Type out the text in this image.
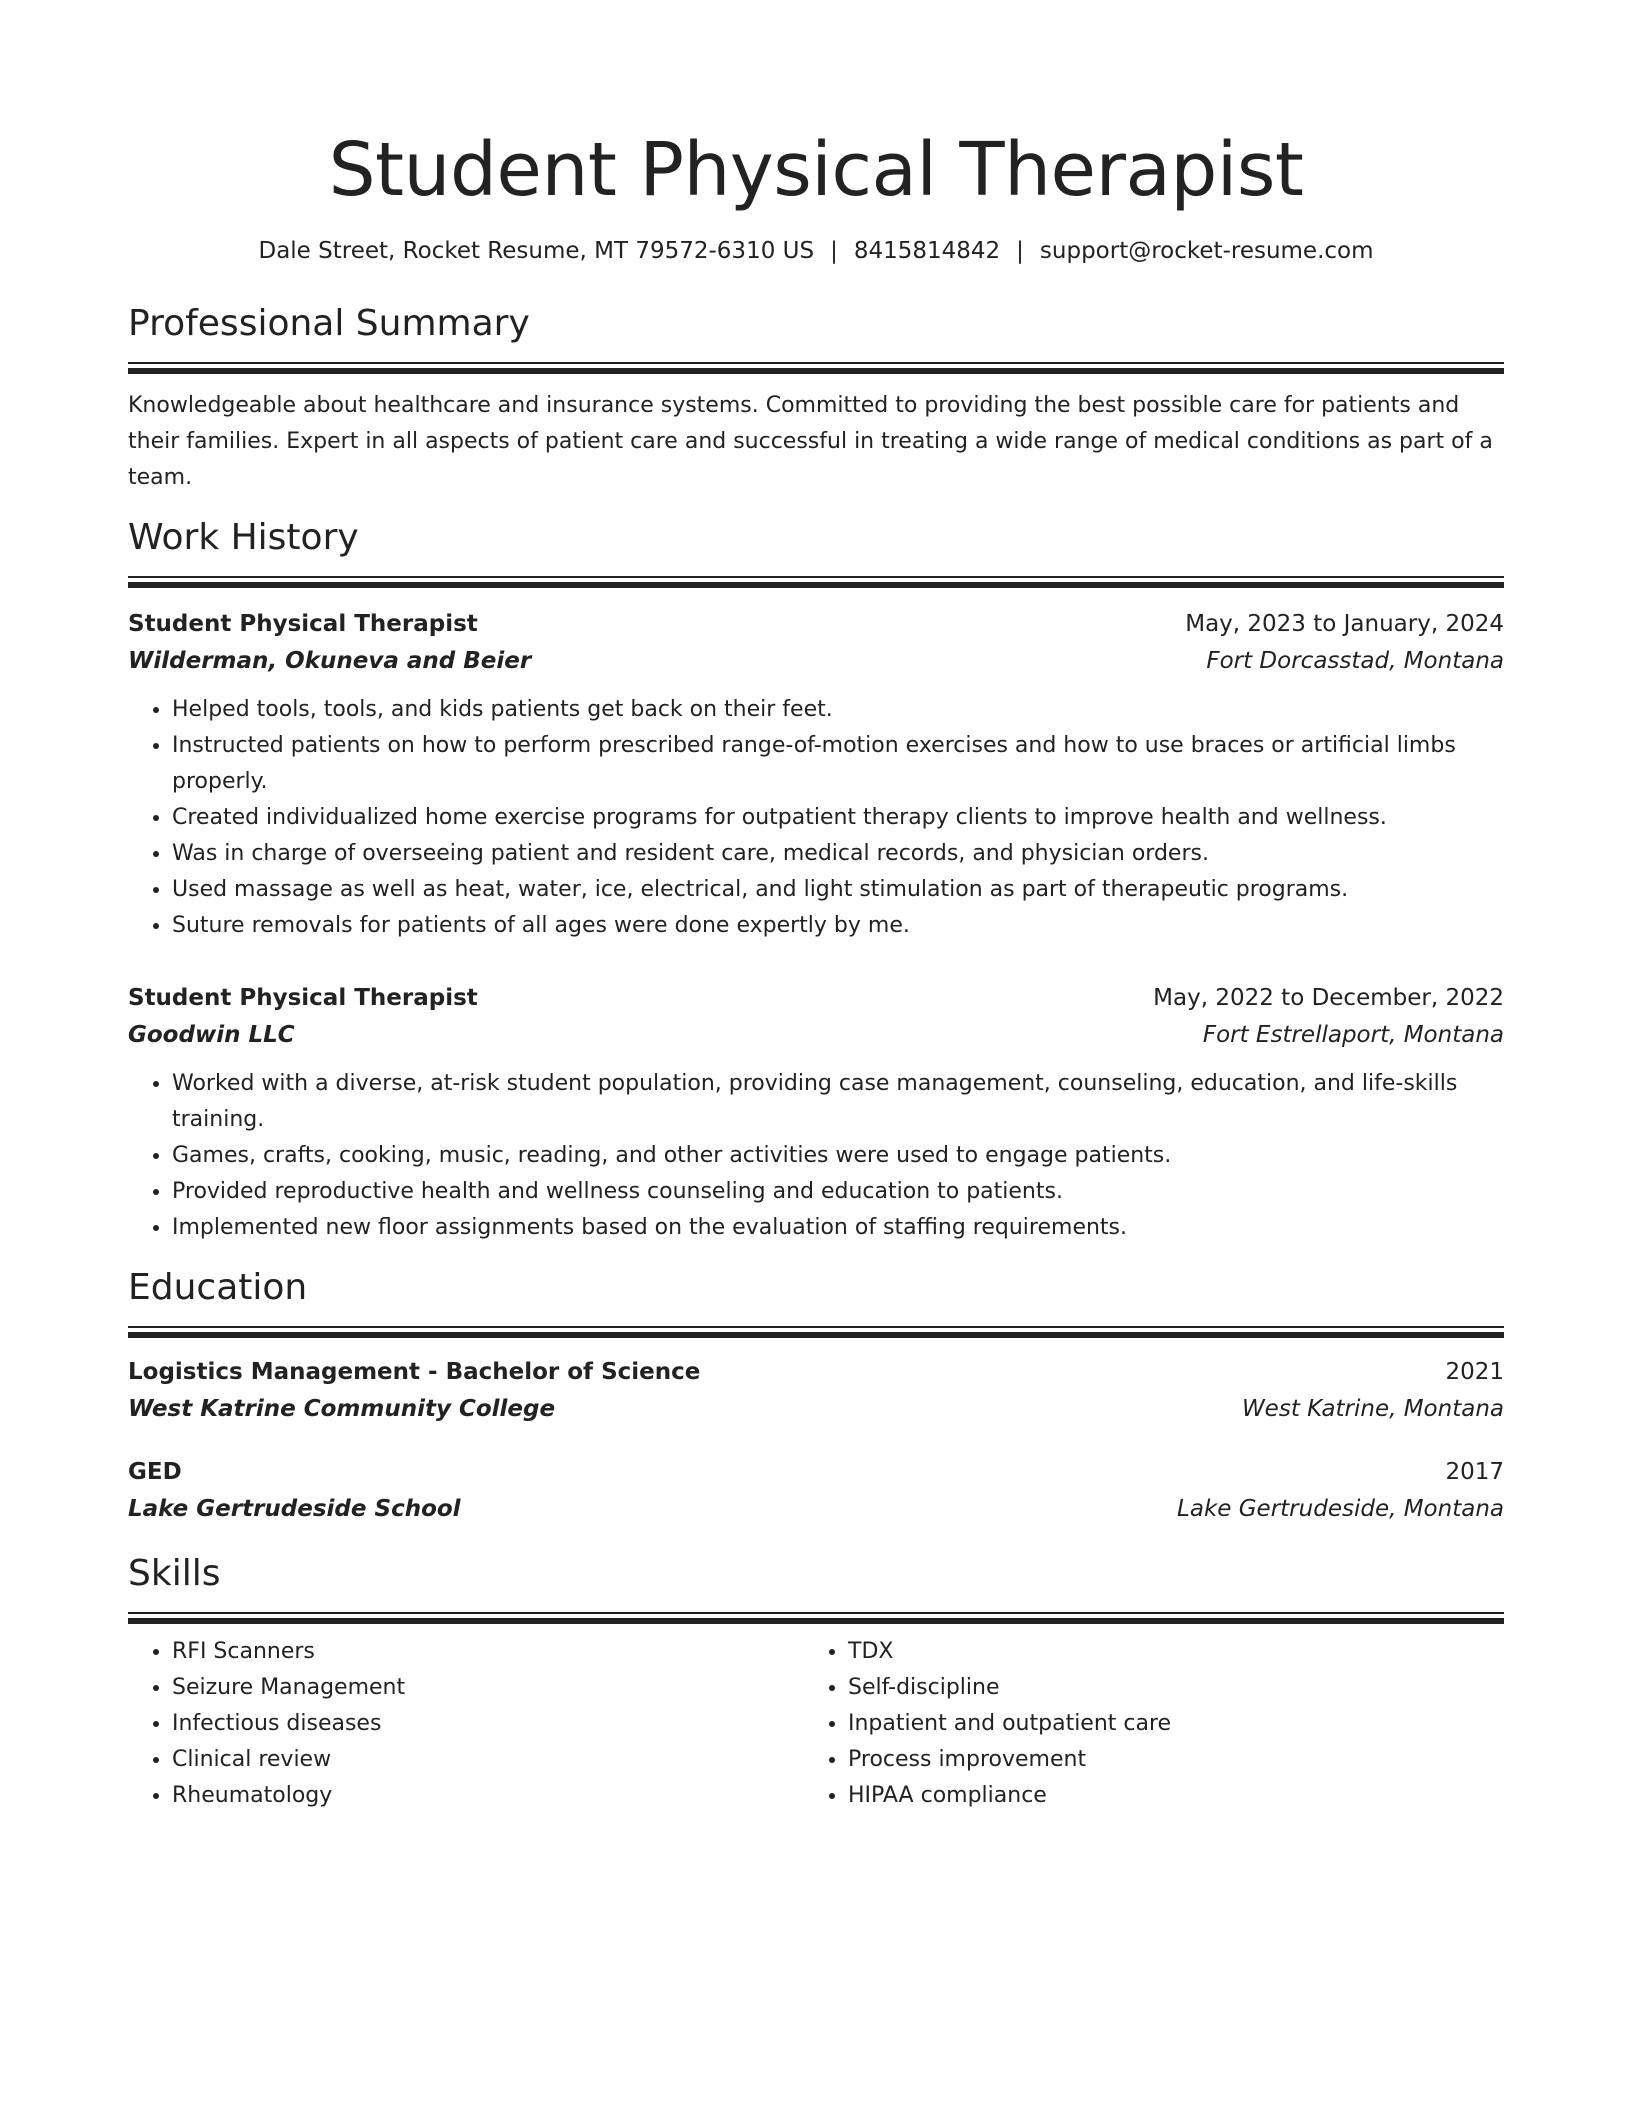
Student Physical Therapist
Dale Street, Rocket Resume, MT 79572-6310 US | 8415814842 | support@rocket-resume.com
Professional Summary
Knowledgeable about healthcare and insurance systems. Committed to providing the best possible care for patients and their families. Expert in all aspects of patient care and successful in treating a wide range of medical conditions as part of a team.
Work History
Student Physical Therapist	May, 2023 to January, 2024
Wilderman, Okuneva and Beier	Fort Dorcasstad, Montana
• Helped tools, tools, and kids patients get back on their feet.
• Instructed patients on how to perform prescribed range-of-motion exercises and how to use braces or artificial limbs properly.
• Created individualized home exercise programs for outpatient therapy clients to improve health and wellness.
• Was in charge of overseeing patient and resident care, medical records, and physician orders.
• Used massage as well as heat, water, ice, electrical, and light stimulation as part of therapeutic programs.
• Suture removals for patients of all ages were done expertly by me.
Student Physical Therapist	May, 2022 to December, 2022
Goodwin LLC	Fort Estrellaport, Montana
• Worked with a diverse, at-risk student population, providing case management, counseling, education, and life-skills training.
• Games, crafts, cooking, music, reading, and other activities were used to engage patients.
• Provided reproductive health and wellness counseling and education to patients.
• Implemented new floor assignments based on the evaluation of staffing requirements.
Education
Logistics Management - Bachelor of Science	2021
West Katrine Community College	West Katrine, Montana
GED	2017
Lake Gertrudeside School	Lake Gertrudeside, Montana
Skills
• RFI Scanners
• Seizure Management
• Infectious diseases
• Clinical review
• Rheumatology
• TDX
• Self-discipline
• Inpatient and outpatient care
• Process improvement
• HIPAA compliance
